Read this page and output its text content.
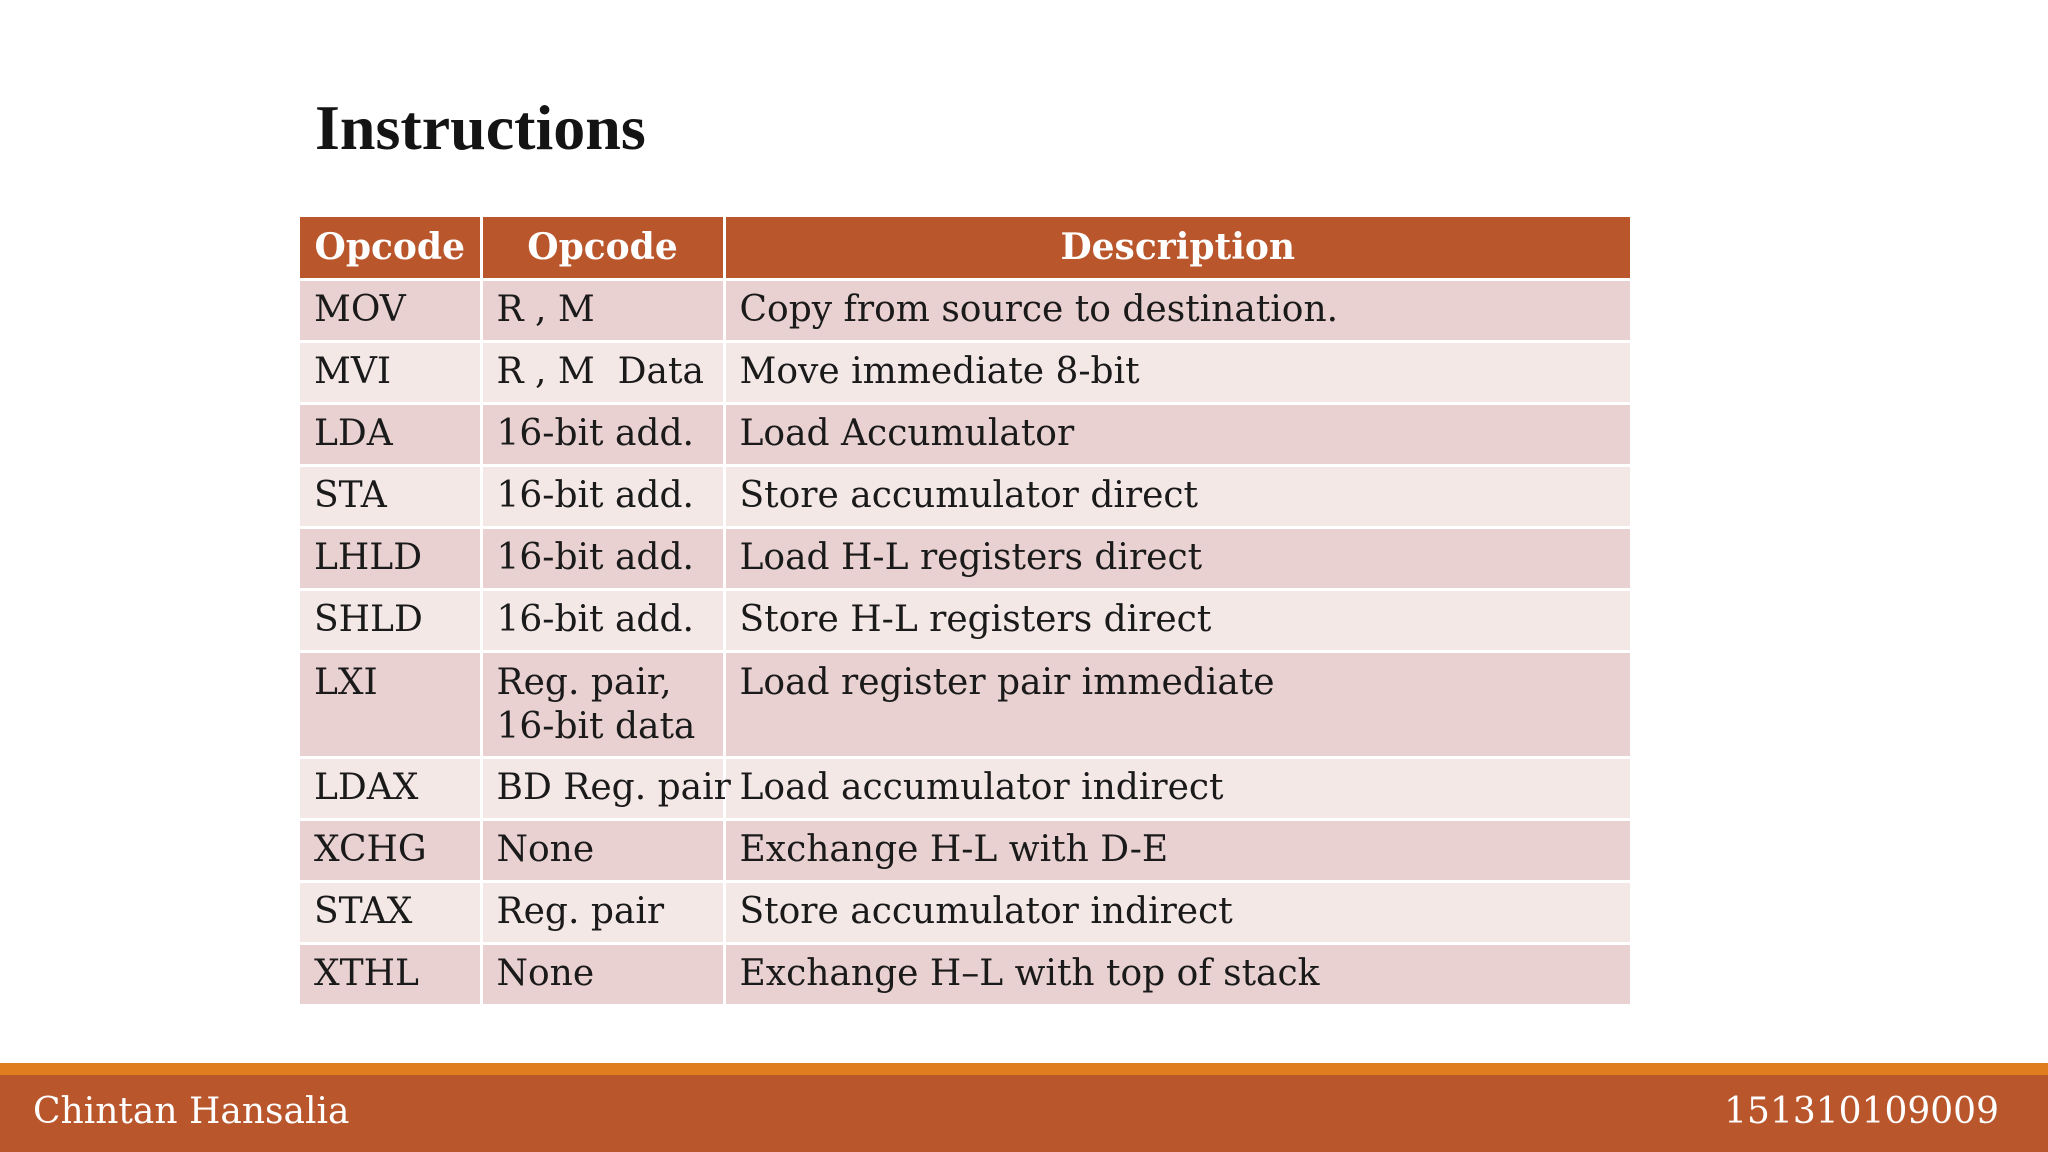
Instructions
Opcode	Opcode	Description
MOV	R , M	Copy from source to destination.
MVI	R , M  Data	Move immediate 8-bit
LDA	16-bit add.	Load Accumulator
STA	16-bit add.	Store accumulator direct
LHLD	16-bit add.	Load H-L registers direct
SHLD	16-bit add.	Store H-L registers direct
LXI	Reg. pair, 16-bit data	Load register pair immediate
LDAX	BD Reg. pair	Load accumulator indirect
XCHG	None	Exchange H-L with D-E
STAX	Reg. pair	Store accumulator indirect
XTHL	None	Exchange H–L with top of stack
Chintan Hansalia	151310109009
